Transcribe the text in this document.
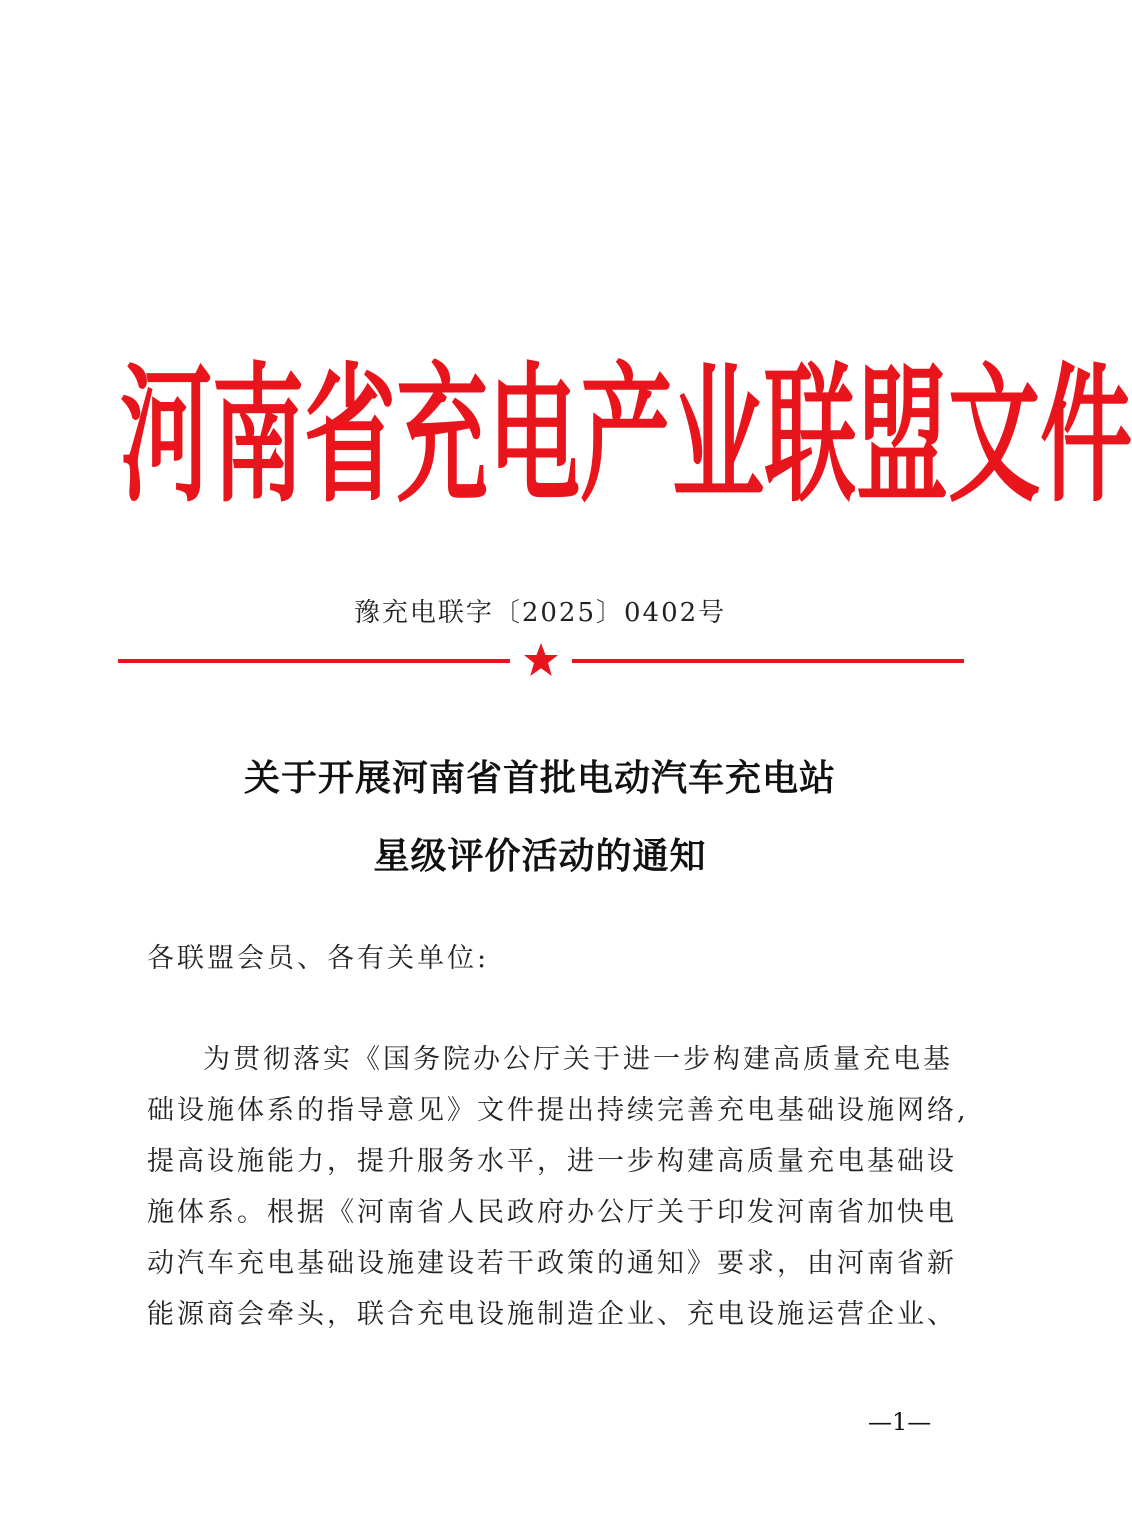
河 南 省 充 电 产 业 联 盟 文 件
豫充电联字〔2025〕0402号
关于开展河南省首批电动汽车充电站
星级评价活动的通知
各联盟会员、各有关单位:
为贯彻落实《国务院办公厅关于进一步构建高质量充电基
础设施体系的指导意见》文件提出持续完善充电基础设施网络,
提高设施能力，提升服务水平，进一步构建高质量充电基础设
施体系。根据《河南省人民政府办公厅关于印发河南省加快电
动汽车充电基础设施建设若干政策的通知》要求，由河南省新
能源商会牵头，联合充电设施制造企业、充电设施运营企业、
—1—
